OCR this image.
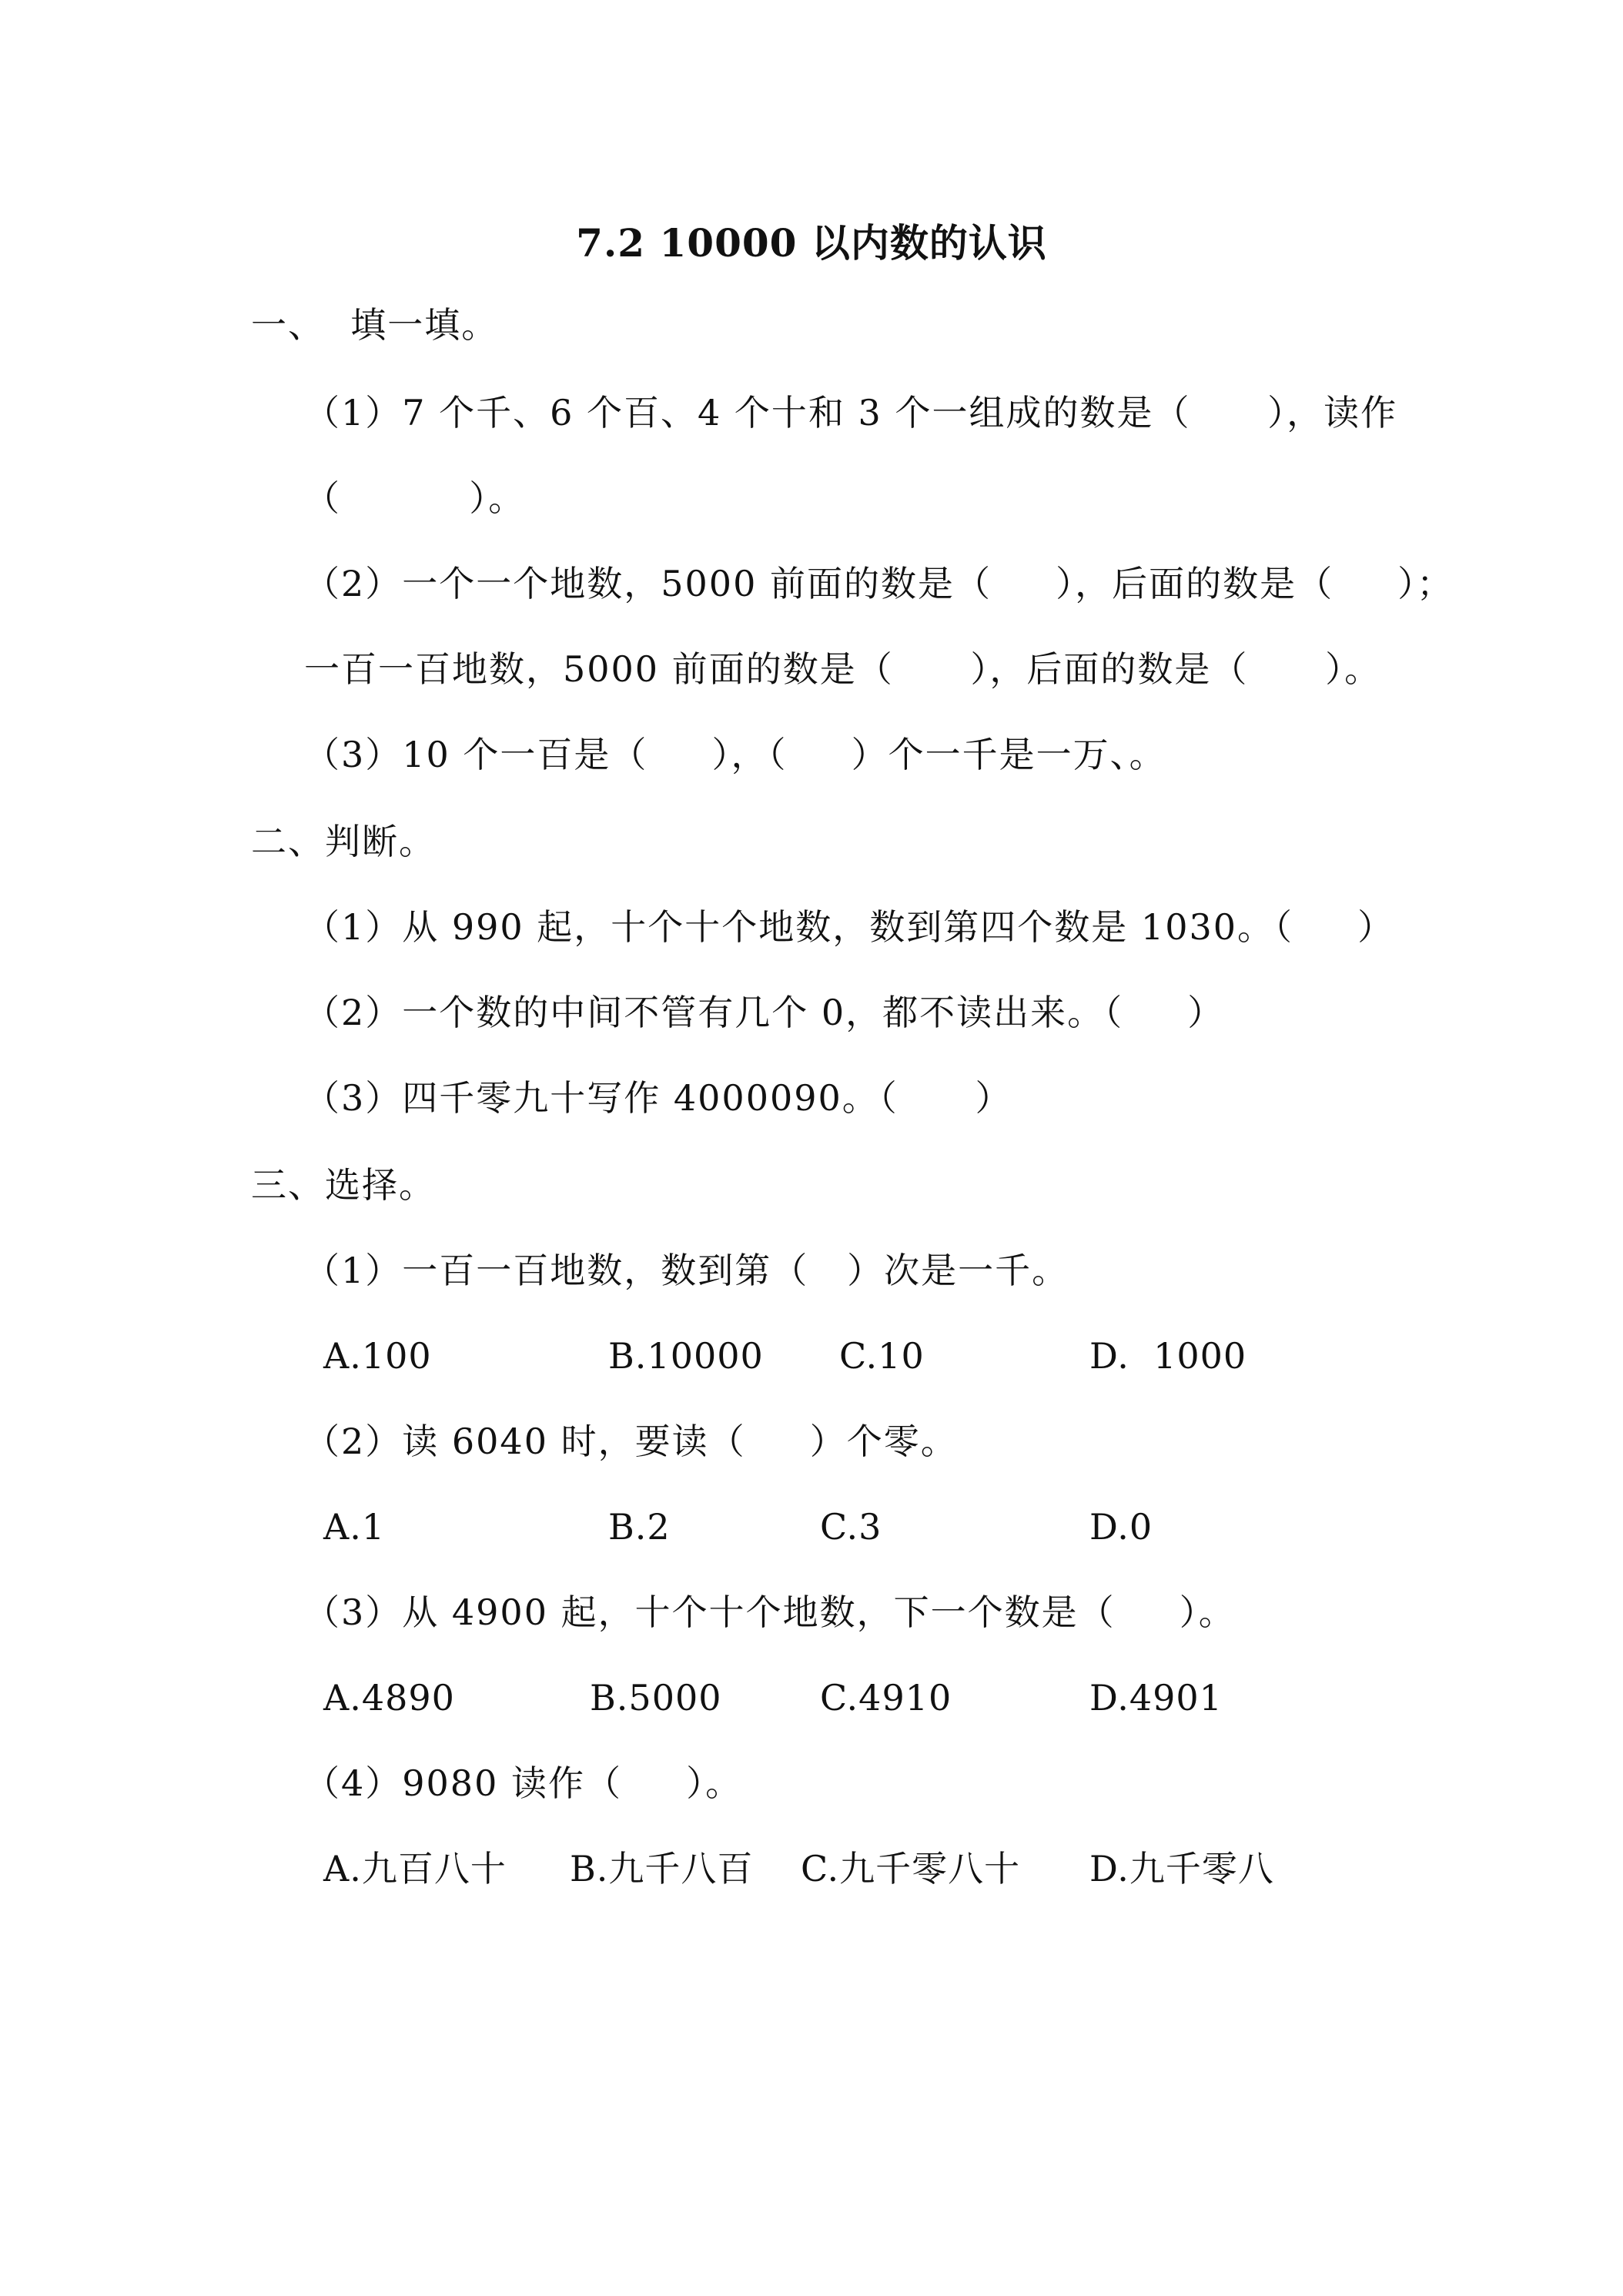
7.2 10000 以内数的认识
一、  填一填。
（1）7 个千、6 个百、4 个十和 3 个一组成的数是（      ），读作
（          ）。
（2）一个一个地数，5000 前面的数是（     ），后面的数是（     ）；
一百一百地数，5000 前面的数是（      ），后面的数是（      ）。
（3）10 个一百是（     ），（     ）个一千是一万、。
二、判断。
（1）从 990 起，十个十个地数，数到第四个数是 1030。（     ）
（2）一个数的中间不管有几个 0，都不读出来。（     ）
（3）四千零九十写作 4000090。（      ）
三、选择。
（1）一百一百地数，数到第（   ）次是一千。
A.100	B.10000 C.10	D.  1000
（2）读 6040 时，要读（     ）个零。
A.1	B.2	C.3	D.0
（3）从 4900 起，十个十个地数，下一个数是（     ）。
A.4890	B.5000	C.4910	D.4901
（4）9080 读作（     ）。
A.九百八十 B.九千八百 C.九千零八十 D.九千零八
